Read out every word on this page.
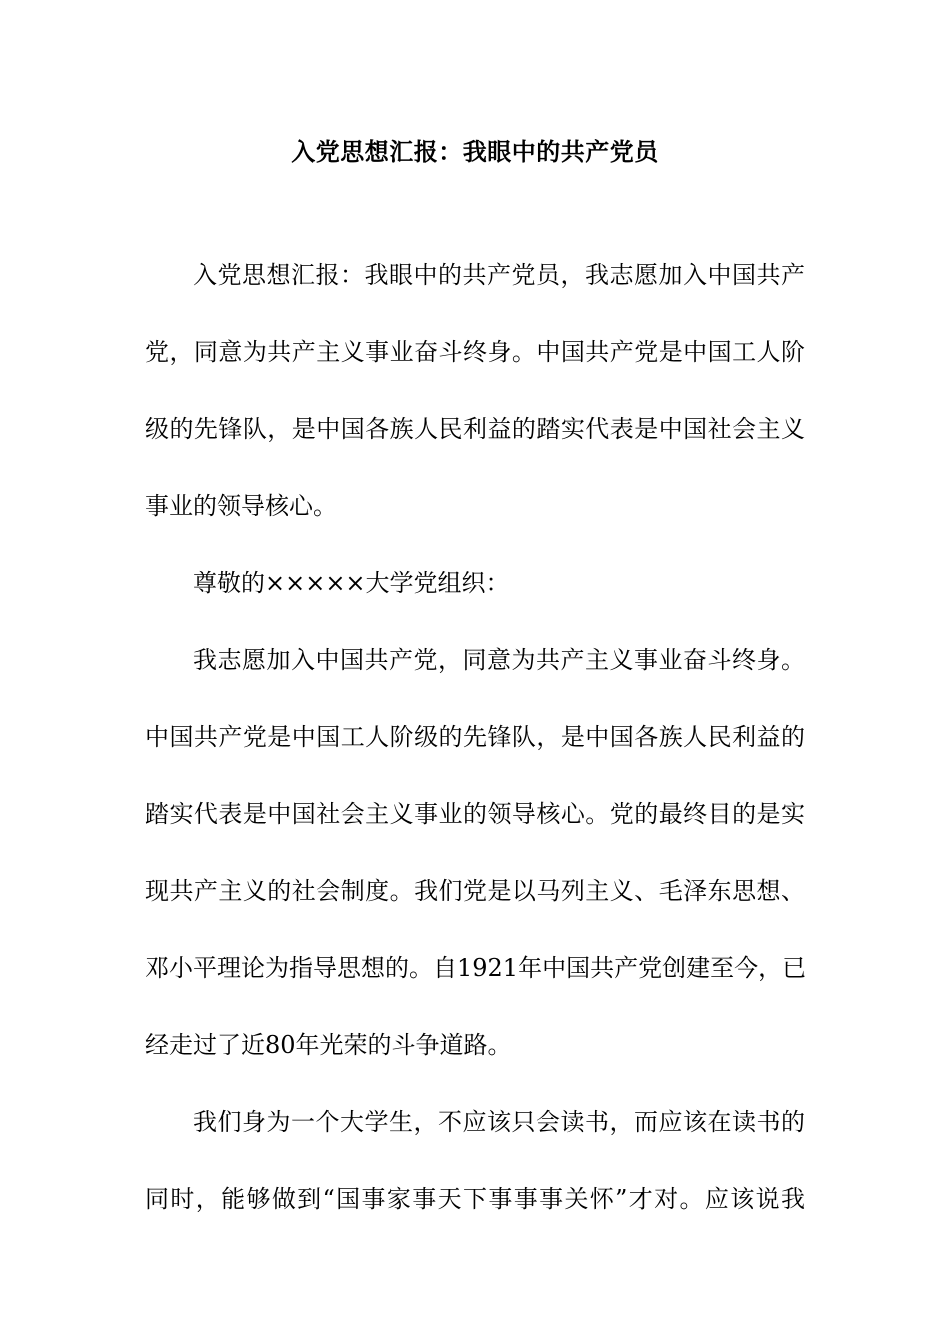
入党思想汇报：我眼中的共产党员
入党思想汇报：我眼中的共产党员，我志愿加入中国共产
党，同意为共产主义事业奋斗终身。中国共产党是中国工人阶
级的先锋队，是中国各族人民利益的踏实代表是中国社会主义
事业的领导核心。
尊敬的×××××大学党组织：
我志愿加入中国共产党，同意为共产主义事业奋斗终身。
中国共产党是中国工人阶级的先锋队，是中国各族人民利益的
踏实代表是中国社会主义事业的领导核心。党的最终目的是实
现共产主义的社会制度。我们党是以马列主义、毛泽东思想、
邓小平理论为指导思想的。自1921年中国共产党创建至今，已
经走过了近80年光荣的斗争道路。
我们身为一个大学生，不应该只会读书，而应该在读书的
同时，能够做到“国事家事天下事事事关怀”才对。应该说我
